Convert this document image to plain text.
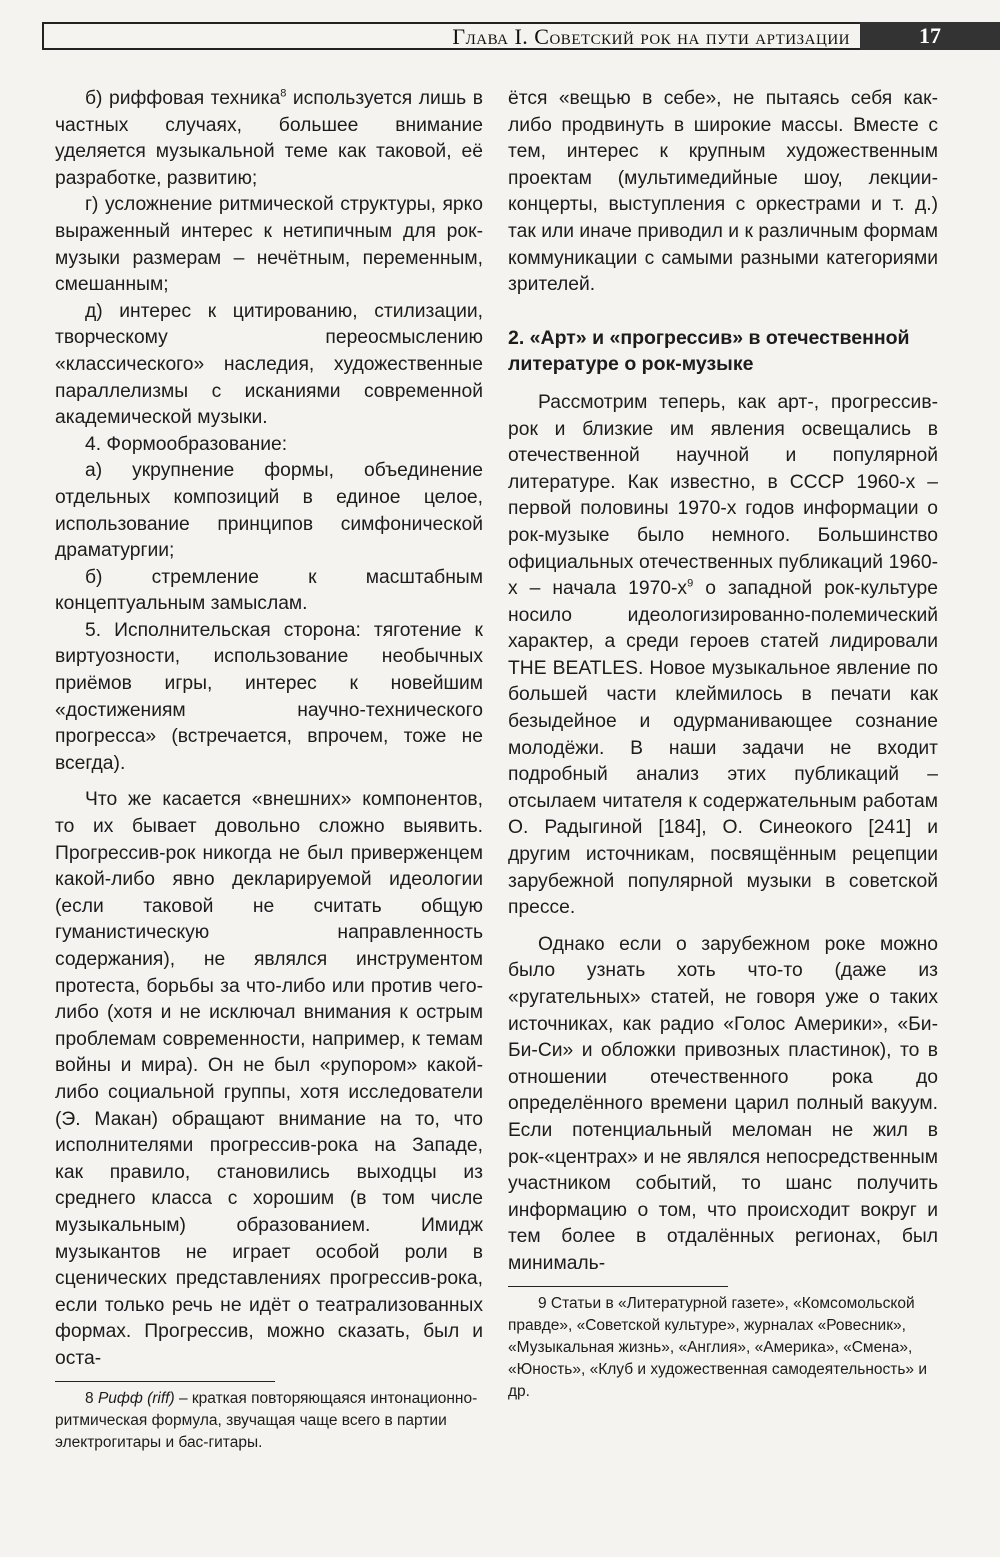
Глава I. Советский рок на пути артизации	17

б) риффовая техника$^8$ используется лишь в частных случаях, большее внимание уделяется музыкальной теме как таковой, её разработке, развитию;

г) усложнение ритмической структуры, ярко выраженный интерес к нетипичным для рок-музыки размерам – нечётным, переменным, смешанным;

д) интерес к цитированию, стилизации, творческому переосмыслению «классического» наследия, художественные параллелизмы с исканиями современной академической музыки.

4. Формообразование:

а) укрупнение формы, объединение отдельных композиций в единое целое, использование принципов симфонической драматургии;

б) стремление к масштабным концептуальным замыслам.

5. Исполнительская сторона: тяготение к виртуозности, использование необычных приёмов игры, интерес к новейшим «достижениям научно-технического прогресса» (встречается, впрочем, тоже не всегда).

Что же касается «внешних» компонентов, то их бывает довольно сложно выявить. Прогрессив-рок никогда не был приверженцем какой-либо явно декларируемой идеологии (если таковой не считать общую гуманистическую направленность содержания), не являлся инструментом протеста, борьбы за что-либо или против чего-либо (хотя и не исключал внимания к острым проблемам современности, например, к темам войны и мира). Он не был «рупором» какой-либо социальной группы, хотя исследователи (Э. Макан) обращают внимание на то, что исполнителями прогрессив-рока на Западе, как правило, становились выходцы из среднего класса с хорошим (в том числе музыкальным) образованием. Имидж музыкантов не играет особой роли в сценических представлениях прогрессив-рока, если только речь не идёт о театрализованных формах. Прогрессив, можно сказать, был и оста-

8 Рифф (riff) – краткая повторяющаяся интонационно-ритмическая формула, звучащая чаще всего в партии электрогитары и бас-гитары.

ётся «вещью в себе», не пытаясь себя как-либо продвинуть в широкие массы. Вместе с тем, интерес к крупным художественным проектам (мультимедийные шоу, лекции-концерты, выступления с оркестрами и т. д.) так или иначе приводил и к различным формам коммуникации с самыми разными категориями зрителей.

2. «Арт» и «прогрессив» в отечественной литературе о рок-музыке

Рассмотрим теперь, как арт-, прогрессив-рок и близкие им явления освещались в отечественной научной и популярной литературе. Как известно, в СССР 1960-х – первой половины 1970-х годов информации о рок-музыке было немного. Большинство официальных отечественных публикаций 1960-х – начала $1970-х^9$ о западной рок-культуре носило идеологизированно-полемический характер, а среди героев статей лидировали THE BEATLES. Новое музыкальное явление по большей части клеймилось в печати как безыдейное и одурманивающее сознание молодёжи. В наши задачи не входит подробный анализ этих публикаций – отсылаем читателя к содержательным работам О. Радыгиной [184], О. Синеокого [241] и другим источникам, посвящённым рецепции зарубежной популярной музыки в советской прессе.

Однако если о зарубежном роке можно было узнать хоть что-то (даже из «ругательных» статей, не говоря уже о таких источниках, как радио «Голос Америки», «Би-Би-Си» и обложки привозных пластинок), то в отношении отечественного рока до определённого времени царил полный вакуум. Если потенциальный меломан не жил в рок-«центрах» и не являлся непосредственным участником событий, то шанс получить информацию о том, что происходит вокруг и тем более в отдалённых регионах, был минималь-

9 Статьи в «Литературной газете», «Комсомольской правде», «Советской культуре», журналах «Ровесник», «Музыкальная жизнь», «Англия», «Америка», «Смена», «Юность», «Клуб и художественная самодеятельность» и др.
